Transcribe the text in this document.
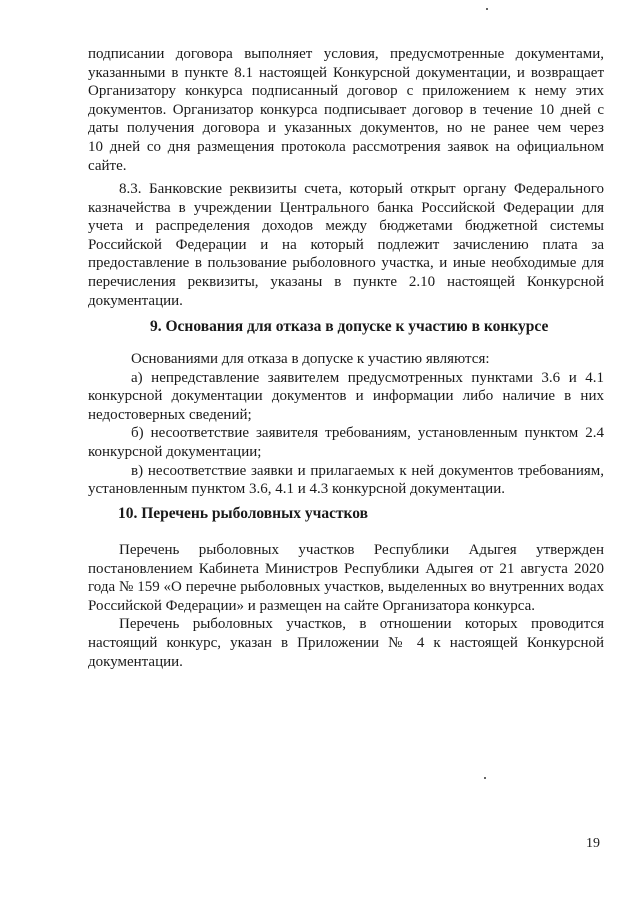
подписании договора выполняет условия, предусмотренные документами,
указанными в пункте 8.1 настоящей Конкурсной документации, и возвращает
Организатору конкурса подписанный договор с приложением к нему этих
документов. Организатор конкурса подписывает договор в течение 10 дней с
даты получения договора и указанных документов, но не ранее чем через
10 дней со дня размещения протокола рассмотрения заявок на официальном
сайте.
8.3. Банковские реквизиты счета, который открыт органу Федерального
казначейства в учреждении Центрального банка Российской Федерации для
учета и распределения доходов между бюджетами бюджетной системы
Российской Федерации и на который подлежит зачислению плата за
предоставление в пользование рыболовного участка, и иные необходимые для
перечисления реквизиты, указаны в пункте 2.10 настоящей Конкурсной
документации.
9. Основания для отказа в допуске к участию в конкурсе
Основаниями для отказа в допуске к участию являются:
а) непредставление заявителем предусмотренных пунктами 3.6 и 4.1
конкурсной документации документов и информации либо наличие в них
недостоверных сведений;
б) несоответствие заявителя требованиям, установленным пунктом 2.4
конкурсной документации;
в) несоответствие заявки и прилагаемых к ней документов требованиям,
установленным пунктом 3.6, 4.1 и 4.3 конкурсной документации.
10. Перечень рыболовных участков
Перечень рыболовных участков Республики Адыгея утвержден
постановлением Кабинета Министров Республики Адыгея от 21 августа 2020
года № 159 «О перечне рыболовных участков, выделенных во внутренних водах
Российской Федерации» и размещен на сайте Организатора конкурса.
Перечень рыболовных участков, в отношении которых проводится
настоящий конкурс, указан в Приложении № 4 к настоящей Конкурсной
документации.
19
